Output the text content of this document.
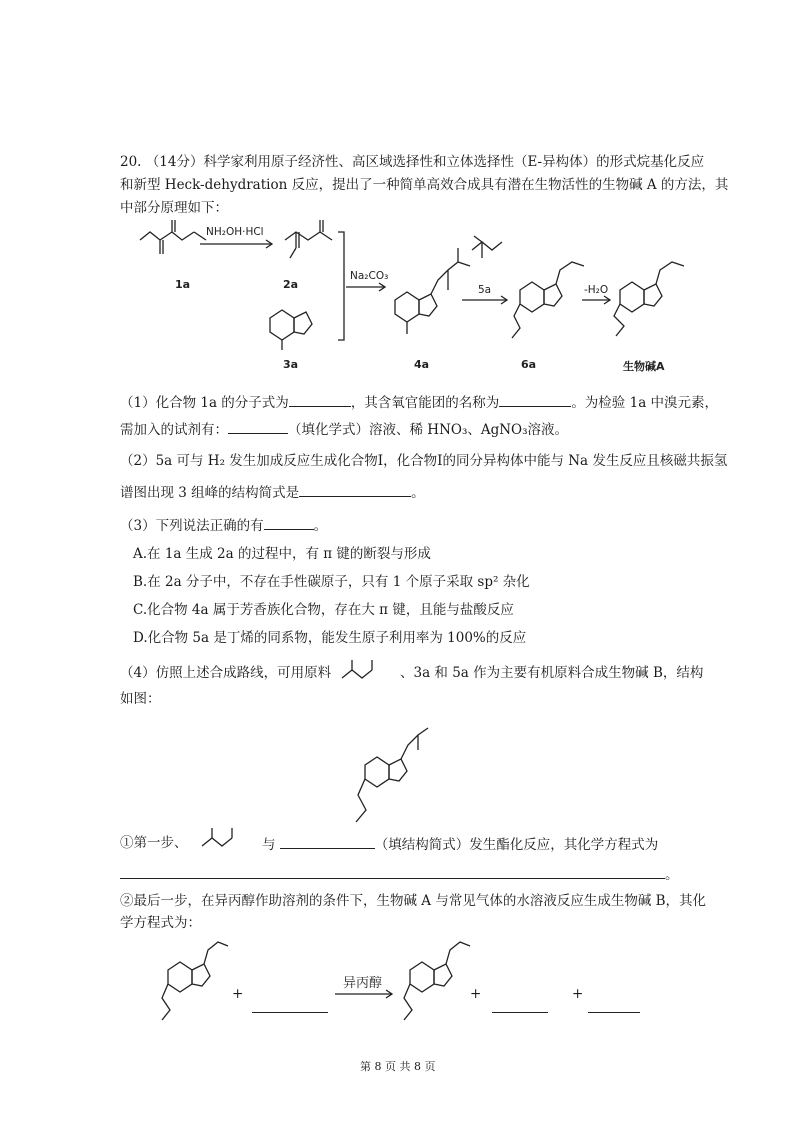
20. （14分）科学家利用原子经济性、高区域选择性和立体选择性（E-异构体）的形式烷基化反应
和新型 Heck-dehydration 反应，提出了一种简单高效合成具有潜在生物活性的生物碱 A 的方法，其
中部分原理如下：
NH₂OH·HCl
Na₂CO₃
5a	-H₂O
1a	2a
3a	4a	6a	生物碱A
（1）化合物 1a 的分子式为	，其含氧官能团的名称为	。为检验 1a 中溴元素，
需加入的试剂有：	（填化学式）溶液、稀 HNO₃、AgNO₃溶液。
（2）5a 可与 H₂ 发生加成反应生成化合物Ⅰ，化合物Ⅰ的同分异构体中能与 Na 发生反应且核磁共振氢
谱图出现 3 组峰的结构简式是	。
（3）下列说法正确的有	。
A.在 1a 生成 2a 的过程中，有 π 键的断裂与形成
B.在 2a 分子中，不存在手性碳原子，只有 1 个原子采取 sp² 杂化
C.化合物 4a 属于芳香族化合物，存在大 π 键，且能与盐酸反应
D.化合物 5a 是丁烯的同系物，能发生原子利用率为 100%的反应
（4）仿照上述合成路线，可用原料	、3a 和 5a 作为主要有机原料合成生物碱 B，结构
如图：
①第一步、	与	（填结构简式）发生酯化反应，其化学方程式为
。
②最后一步，在异丙醇作助溶剂的条件下，生物碱 A 与常见气体的水溶液反应生成生物碱 B，其化
学方程式为：
+
异丙醇
+	+
第 8 页 共 8 页
